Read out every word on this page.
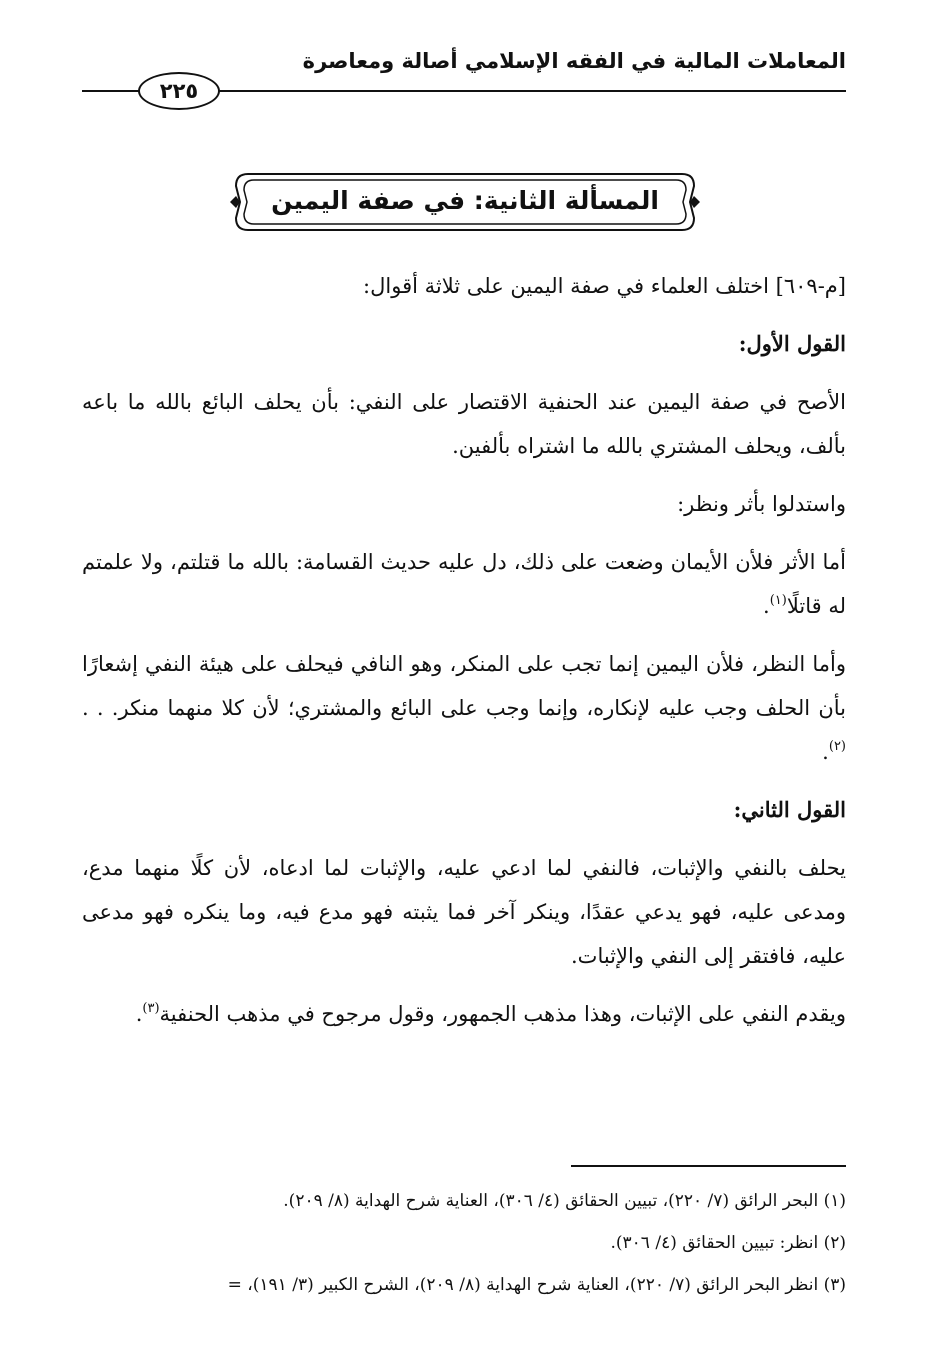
المعاملات المالية في الفقه الإسلامي أصالة ومعاصرة
٢٢٥
المسألة الثانية: في صفة اليمين

[م-٦٠٩] اختلف العلماء في صفة اليمين على ثلاثة أقوال:

القول الأول:

الأصح في صفة اليمين عند الحنفية الاقتصار على النفي: بأن يحلف البائع بالله ما باعه بألف، ويحلف المشتري بالله ما اشتراه بألفين.

واستدلوا بأثر ونظر:

أما الأثر فلأن الأيمان وضعت على ذلك، دل عليه حديث القسامة: بالله ما قتلتم، ولا علمتم له قاتلًا$^{(١)}$.

وأما النظر، فلأن اليمين إنما تجب على المنكر، وهو النافي فيحلف على هيئة النفي إشعارًا بأن الحلف وجب عليه لإنكاره، وإنما وجب على البائع والمشتري؛ لأن كلا منهما منكر. . .$^{(٢)}$.

القول الثاني:

يحلف بالنفي والإثبات، فالنفي لما ادعي عليه، والإثبات لما ادعاه، لأن كلًا منهما مدع، ومدعى عليه، فهو يدعي عقدًا، وينكر آخر فما يثبته فهو مدع فيه، وما ينكره فهو مدعى عليه، فافتقر إلى النفي والإثبات.

ويقدم النفي على الإثبات، وهذا مذهب الجمهور، وقول مرجوح في مذهب الحنفية$^{(٣)}$.

(١) البحر الرائق (٧/ ٢٢٠)، تبيين الحقائق (٤/ ٣٠٦)، العناية شرح الهداية (٨/ ٢٠٩).

(٢) انظر: تبيين الحقائق (٤/ ٣٠٦).

(٣) انظر البحر الرائق (٧/ ٢٢٠)، العناية شرح الهداية (٨/ ٢٠٩)، الشرح الكبير (٣/ ١٩١)، =
